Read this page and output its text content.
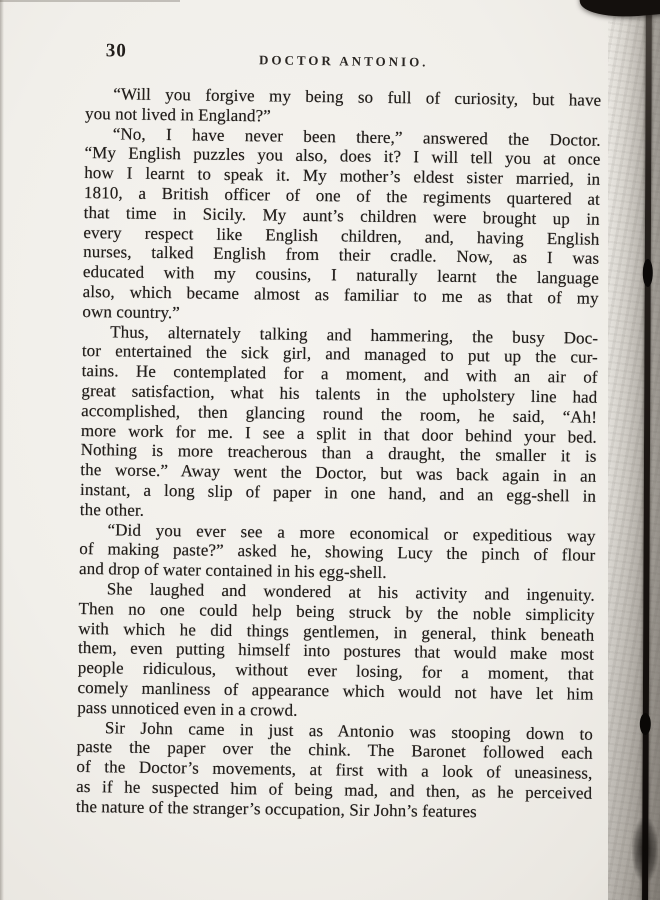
30	DOCTOR ANTONIO.
“Will you forgive my being so full of curiosity, but have
you not lived in England?”
“No, I have never been there,” answered the Doctor.
“My English puzzles you also, does it? I will tell you at once
how I learnt to speak it. My mother’s eldest sister married, in
1810, a British officer of one of the regiments quartered at
that time in Sicily. My aunt’s children were brought up in
every respect like English children, and, having English
nurses, talked English from their cradle. Now, as I was
educated with my cousins, I naturally learnt the language
also, which became almost as familiar to me as that of my
own country.”
Thus, alternately talking and hammering, the busy Doc-
tor entertained the sick girl, and managed to put up the cur-
tains. He contemplated for a moment, and with an air of
great satisfaction, what his talents in the upholstery line had
accomplished, then glancing round the room, he said, “Ah!
more work for me. I see a split in that door behind your bed.
Nothing is more treacherous than a draught, the smaller it is
the worse.” Away went the Doctor, but was back again in an
instant, a long slip of paper in one hand, and an egg-shell in
the other.
“Did you ever see a more economical or expeditious way
of making paste?” asked he, showing Lucy the pinch of flour
and drop of water contained in his egg-shell.
She laughed and wondered at his activity and ingenuity.
Then no one could help being struck by the noble simplicity
with which he did things gentlemen, in general, think beneath
them, even putting himself into postures that would make most
people ridiculous, without ever losing, for a moment, that
comely manliness of appearance which would not have let him
pass unnoticed even in a crowd.
Sir John came in just as Antonio was stooping down to
paste the paper over the chink. The Baronet followed each
of the Doctor’s movements, at first with a look of uneasiness,
as if he suspected him of being mad, and then, as he perceived
the nature of the stranger’s occupation, Sir John’s features
